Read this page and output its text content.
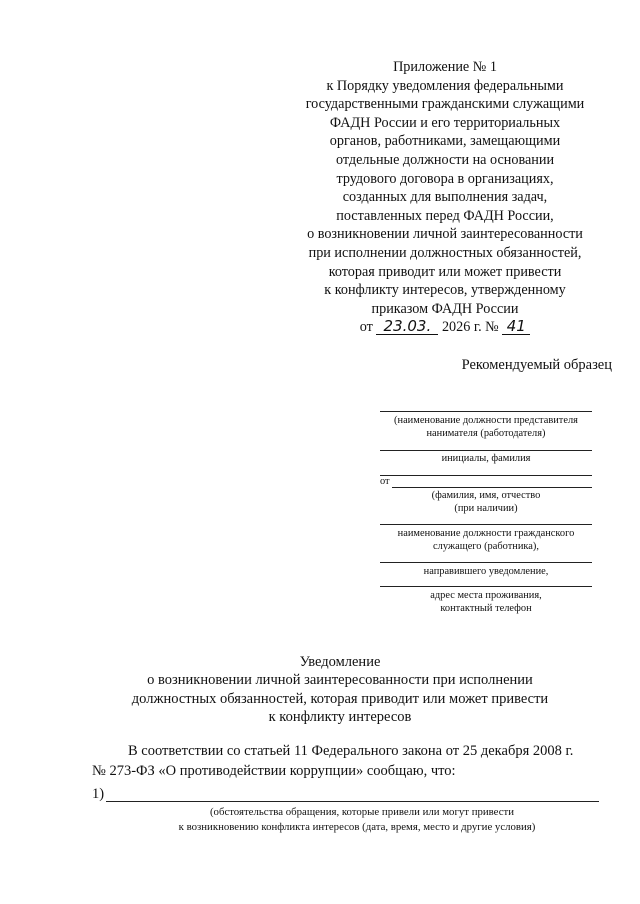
Приложение № 1
к Порядку уведомления федеральными
государственными гражданскими служащими
ФАДН России и его территориальных
органов, работниками, замещающими
отдельные должности на основании
трудового договора в организациях,
созданных для выполнения задач,
поставленных перед ФАДН России,
о возникновении личной заинтересованности
при исполнении должностных обязанностей,
которая приводит или может привести
к конфликту интересов, утвержденному
приказом ФАДН России
от 23.03. 2026 г. № 41
Рекомендуемый образец
(наименование должности представителя
нанимателя (работодателя)
инициалы, фамилия
от
(фамилия, имя, отчество
(при наличии)
наименование должности гражданского
служащего (работника),
направившего уведомление,
адрес места проживания,
контактный телефон
Уведомление
о возникновении личной заинтересованности при исполнении
должностных обязанностей, которая приводит или может привести
к конфликту интересов
В соответствии со статьей 11 Федерального закона от 25 декабря 2008 г.
№ 273-ФЗ «О противодействии коррупции» сообщаю, что:
1)
(обстоятельства обращения, которые привели или могут привести
к возникновению конфликта интересов (дата, время, место и другие условия)
